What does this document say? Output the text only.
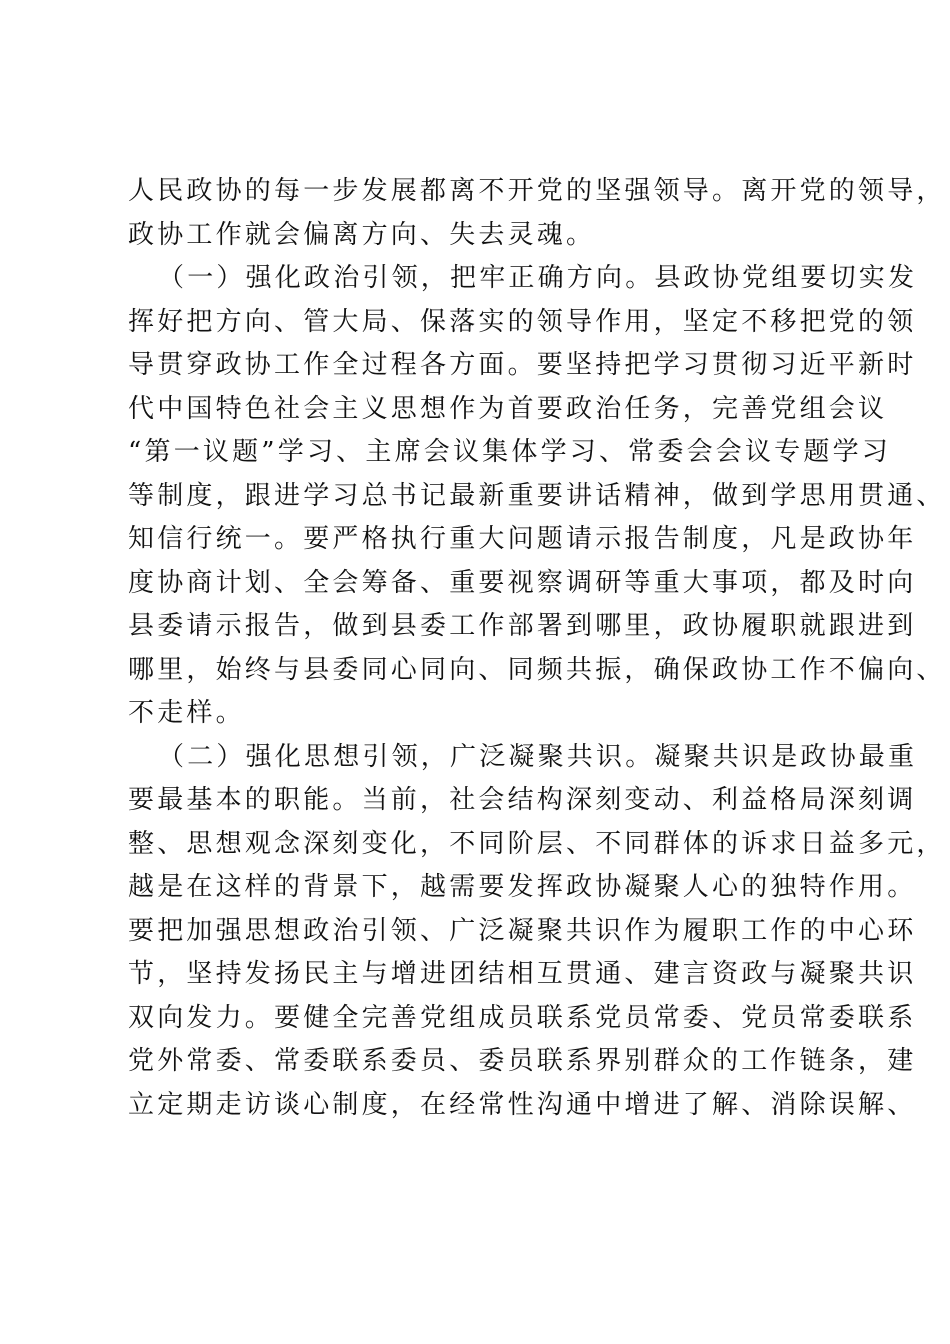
人民政协的每一步发展都离不开党的坚强领导。离开党的领导，
政协工作就会偏离方向、失去灵魂。
（一）强化政治引领，把牢正确方向。县政协党组要切实发
挥好把方向、管大局、保落实的领导作用，坚定不移把党的领
导贯穿政协工作全过程各方面。要坚持把学习贯彻习近平新时
代中国特色社会主义思想作为首要政治任务，完善党组会议
“第一议题”学习、主席会议集体学习、常委会会议专题学习
等制度，跟进学习总书记最新重要讲话精神，做到学思用贯通、
知信行统一。要严格执行重大问题请示报告制度，凡是政协年
度协商计划、全会筹备、重要视察调研等重大事项，都及时向
县委请示报告，做到县委工作部署到哪里，政协履职就跟进到
哪里，始终与县委同心同向、同频共振，确保政协工作不偏向、
不走样。
（二）强化思想引领，广泛凝聚共识。凝聚共识是政协最重
要最基本的职能。当前，社会结构深刻变动、利益格局深刻调
整、思想观念深刻变化，不同阶层、不同群体的诉求日益多元，
越是在这样的背景下，越需要发挥政协凝聚人心的独特作用。
要把加强思想政治引领、广泛凝聚共识作为履职工作的中心环
节，坚持发扬民主与增进团结相互贯通、建言资政与凝聚共识
双向发力。要健全完善党组成员联系党员常委、党员常委联系
党外常委、常委联系委员、委员联系界别群众的工作链条，建
立定期走访谈心制度，在经常性沟通中增进了解、消除误解、
